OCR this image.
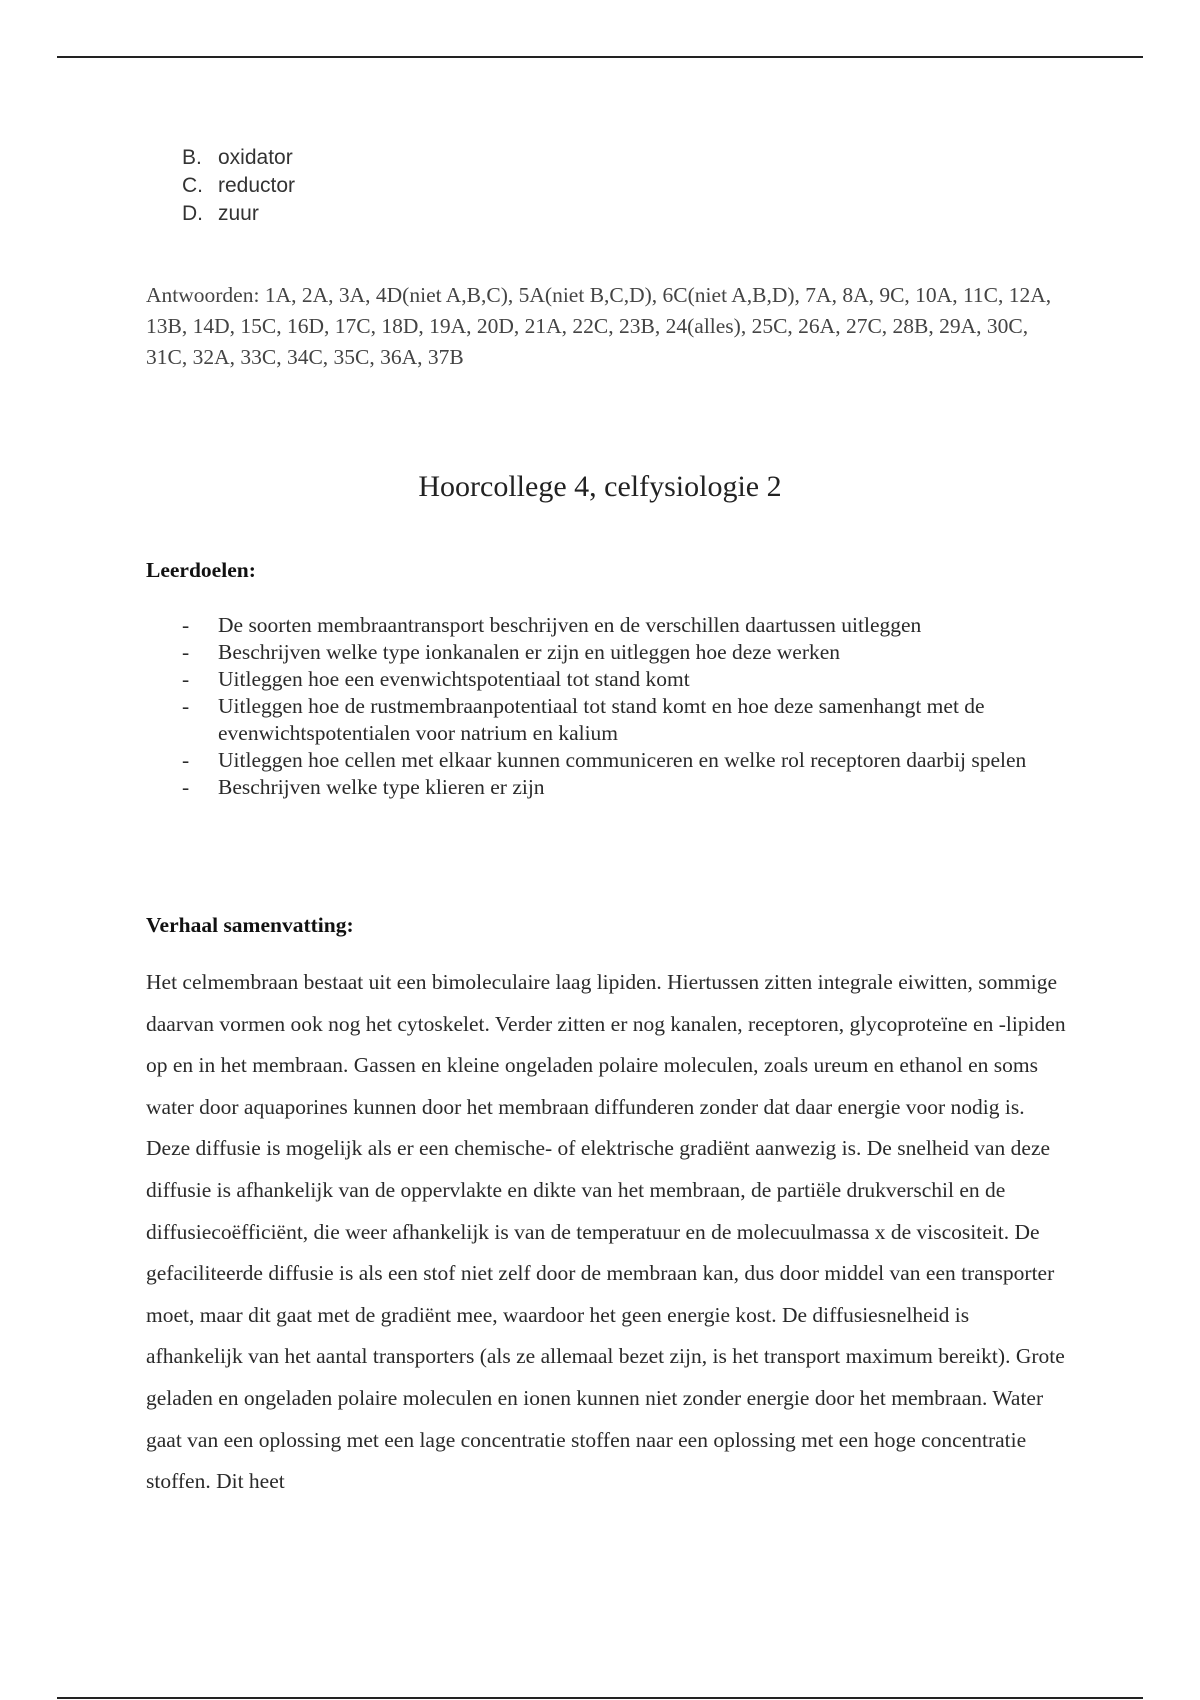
B. oxidator
C. reductor
D. zuur
Antwoorden: 1A, 2A, 3A, 4D(niet A,B,C), 5A(niet B,C,D), 6C(niet A,B,D), 7A, 8A, 9C, 10A, 11C, 12A, 13B, 14D, 15C, 16D, 17C, 18D, 19A, 20D, 21A, 22C, 23B, 24(alles), 25C, 26A, 27C, 28B, 29A, 30C, 31C, 32A, 33C, 34C, 35C, 36A, 37B
Hoorcollege 4, celfysiologie 2
Leerdoelen:
-	De soorten membraantransport beschrijven en de verschillen daartussen uitleggen
-	Beschrijven welke type ionkanalen er zijn en uitleggen hoe deze werken
-	Uitleggen hoe een evenwichtspotentiaal tot stand komt
-	Uitleggen hoe de rustmembraanpotentiaal tot stand komt en hoe deze samenhangt met de evenwichtspotentialen voor natrium en kalium
-	Uitleggen hoe cellen met elkaar kunnen communiceren en welke rol receptoren daarbij spelen
-	Beschrijven welke type klieren er zijn
Verhaal samenvatting:
Het celmembraan bestaat uit een bimoleculaire laag lipiden. Hiertussen zitten integrale eiwitten, sommige daarvan vormen ook nog het cytoskelet. Verder zitten er nog kanalen, receptoren, glycoproteïne en -lipiden op en in het membraan. Gassen en kleine ongeladen polaire moleculen, zoals ureum en ethanol en soms water door aquaporines kunnen door het membraan diffunderen zonder dat daar energie voor nodig is. Deze diffusie is mogelijk als er een chemische- of elektrische gradiënt aanwezig is. De snelheid van deze diffusie is afhankelijk van de oppervlakte en dikte van het membraan, de partiële drukverschil en de diffusiecoëfficiënt, die weer afhankelijk is van de temperatuur en de molecuulmassa x de viscositeit. De gefaciliteerde diffusie is als een stof niet zelf door de membraan kan, dus door middel van een transporter moet, maar dit gaat met de gradiënt mee, waardoor het geen energie kost. De diffusiesnelheid is afhankelijk van het aantal transporters (als ze allemaal bezet zijn, is het transport maximum bereikt). Grote geladen en ongeladen polaire moleculen en ionen kunnen niet zonder energie door het membraan. Water gaat van een oplossing met een lage concentratie stoffen naar een oplossing met een hoge concentratie stoffen. Dit heet
